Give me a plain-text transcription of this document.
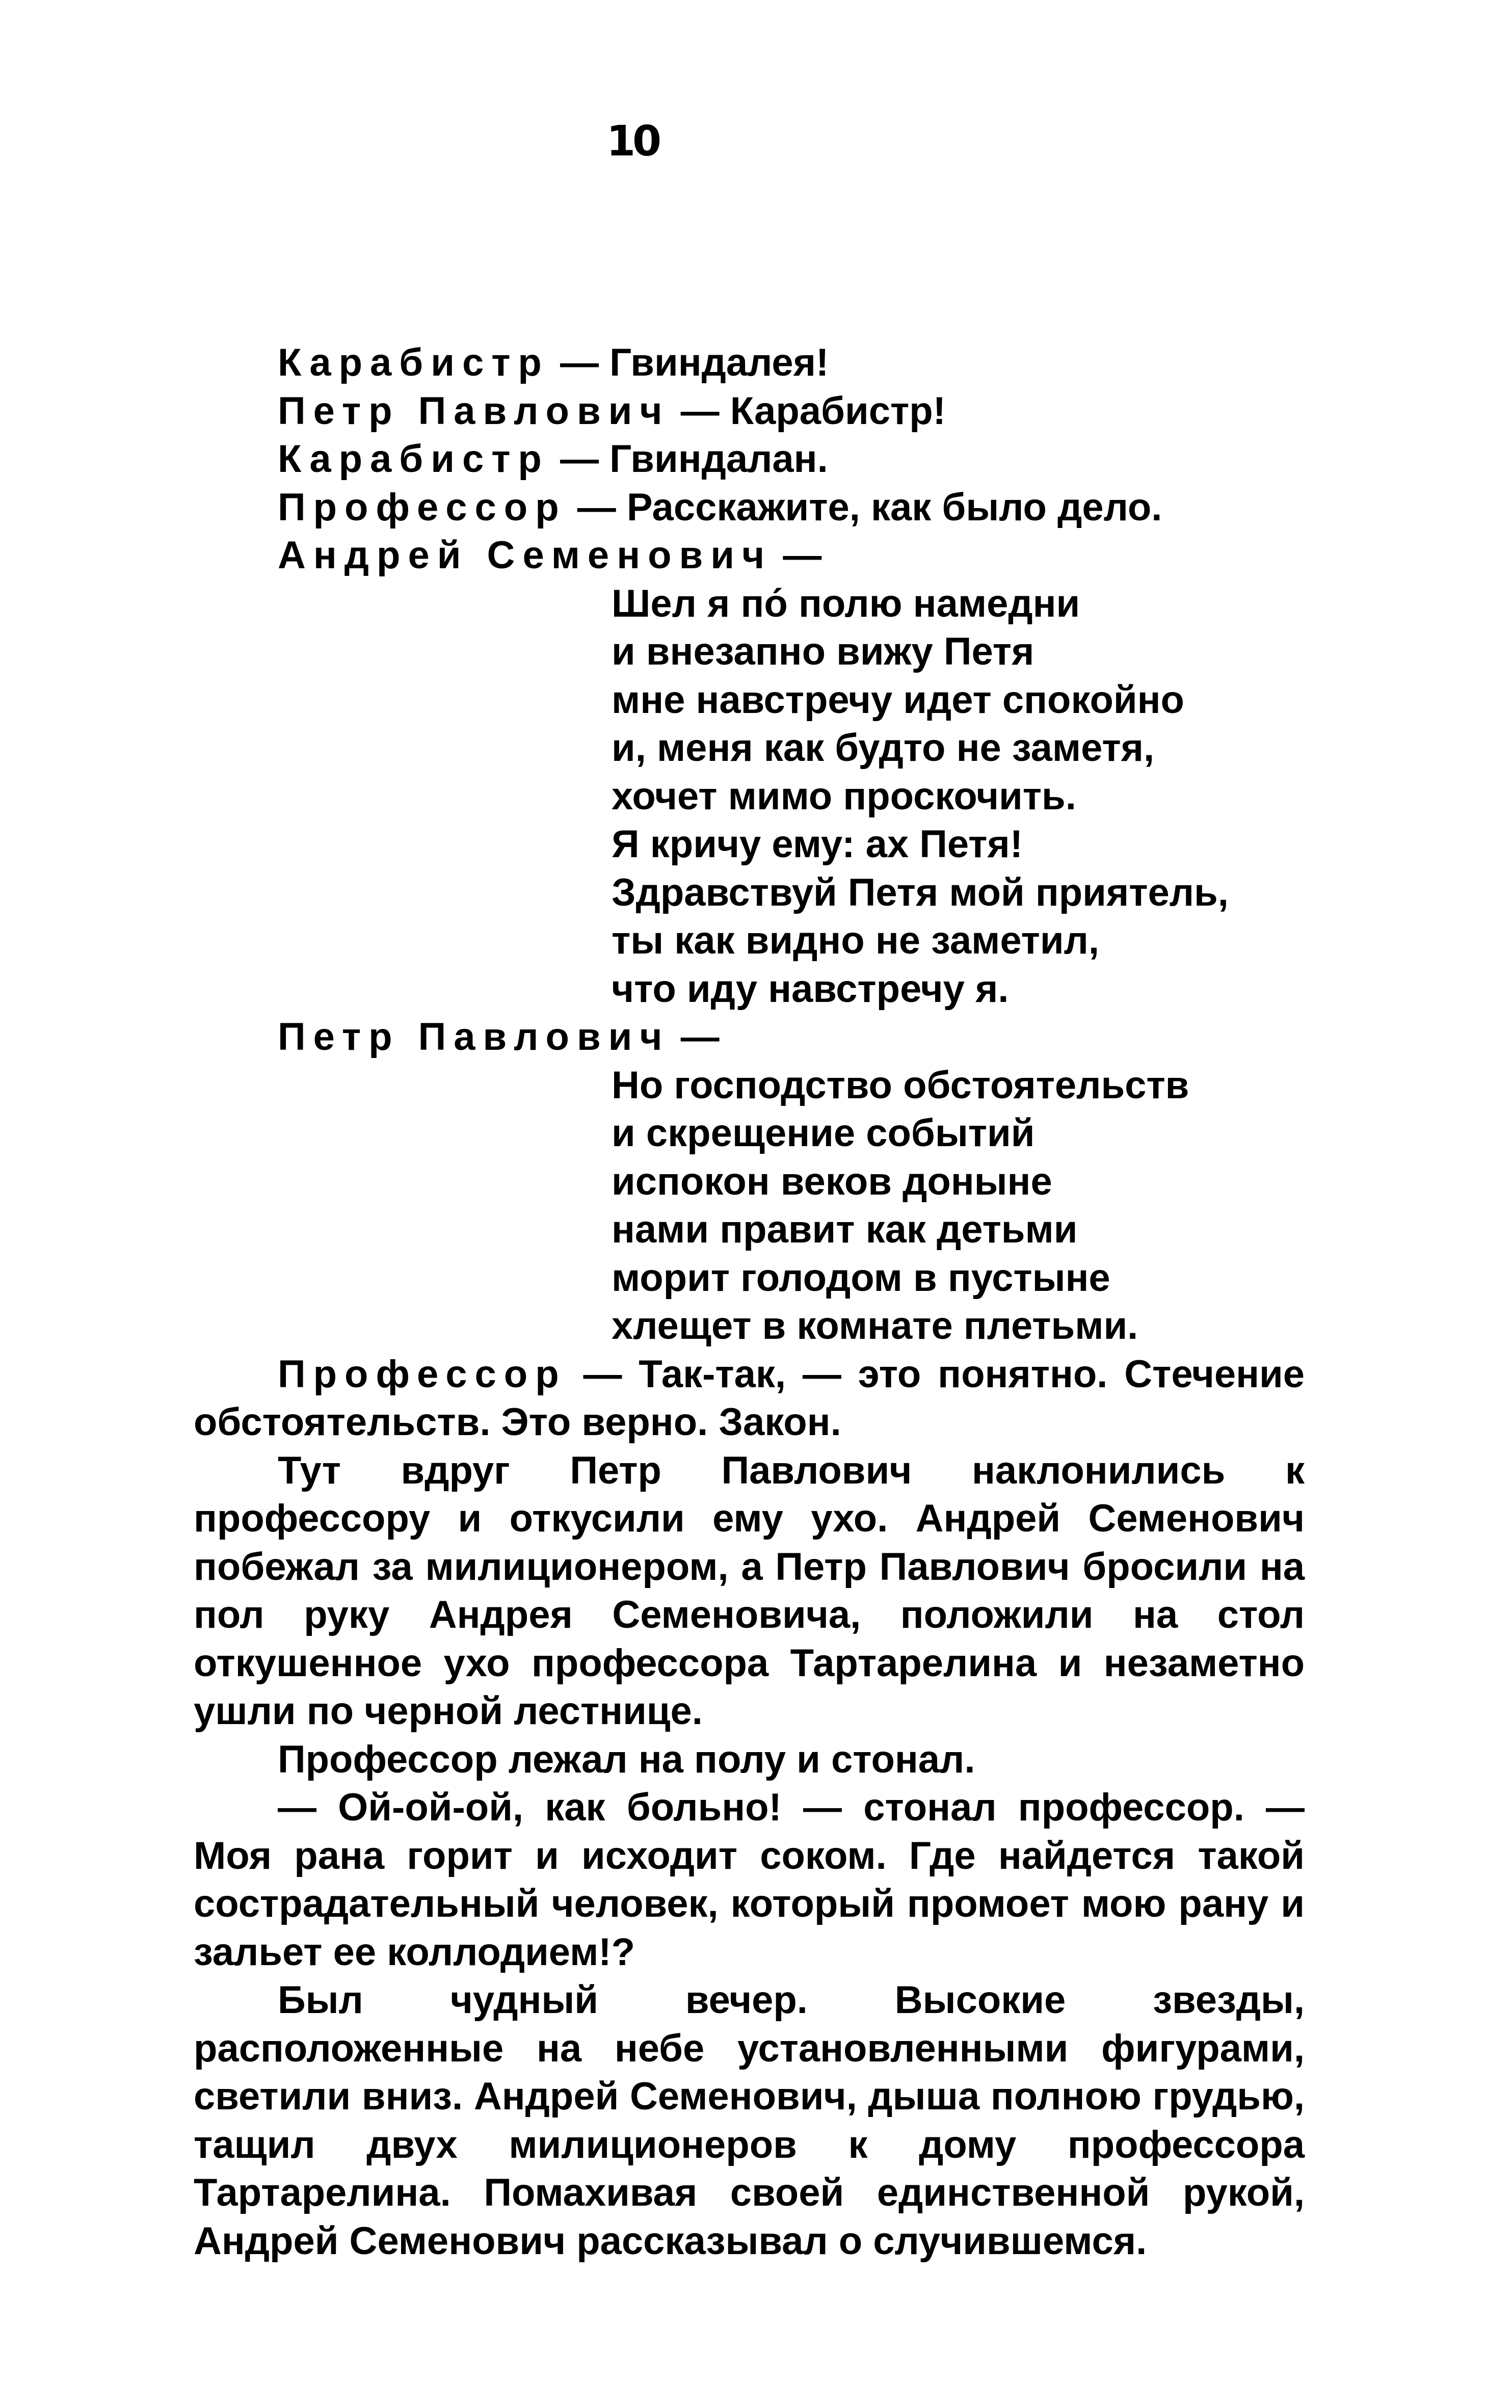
10

Карабистр — Гвиндалея!

Петр Павлович — Карабистр!

Карабистр — Гвиндалан.

Профессор — Расскажите, как было дело.

Андрей Семенович —

Шел я по́ полю намедни

и внезапно вижу Петя

мне навстречу идет спокойно

и, меня как будто не заметя,

хочет мимо проскочить.

Я кричу ему: ах Петя!

Здравствуй Петя мой приятель,

ты как видно не заметил,

что иду навстречу я.

Петр Павлович —

Но господство обстоятельств

и скрещение событий

испокон веков доныне

нами правит как детьми

морит голодом в пустыне

хлещет в комнате плетьми.

Профессор — Так-так, — это понятно. Стечение обстоятельств. Это верно. Закон.

Тут вдруг Петр Павлович наклонились к профессору и откусили ему ухо. Андрей Семенович побежал за милиционером, а Петр Павлович бросили на пол руку Андрея Семеновича, положили на стол откушенное ухо профессора Тартарелина и незаметно ушли по черной лестнице.

Профессор лежал на полу и стонал.

— Ой-ой-ой, как больно! — стонал профессор. — Моя рана горит и исходит соком. Где найдется такой сострадательный человек, который промоет мою рану и зальет ее коллодием!?

Был чудный вечер. Высокие звезды, расположенные на небе установленными фигурами, светили вниз. Андрей Семенович, дыша полною грудью, тащил двух милиционеров к дому профессора Тартарелина. Помахивая своей единственной рукой, Андрей Семенович рассказывал о случившемся.
